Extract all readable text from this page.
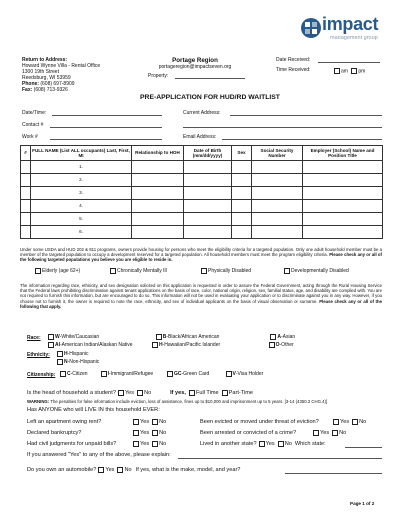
impact
management group
Return to Address:
Howard Wynne Villa - Rental Office
1300 19th Street
Reedsburg, WI 53959
Phone: (608) 697-8909
Fax: (608) 713-9326
Portage Region
portageregion@impactseven.org
Property:
Date Received:
Time Received:	am pm
PRE-APPLICATION FOR HUD/RD WAITLIST
Date/Time:	Current Address:
Contact #
Work #	Email Address:
#	FULL NAME (List ALL occupants) Last, First, MI	Relationship to HOH	Date of Birth (mm/dd/yyyy)	Sex	Social Security Number	Employer (School) Name and Position Title
	1.					
	2.					
	3.					
	4.					
	5.					
	6.					
Under some USDA and HUD 202 & 811 programs, owners provide housing for persons who meet the eligibility criteria for a targeted population. Only one adult household member must be a member of the targeted population to occupy a development reserved for a targeted population. All household members must meet the program eligibility criteria. Please check any or all of the following targeted populations you believe you are eligible to reside in.
Elderly (age 62+)	Chronically Mentally Ill	Physically Disabled	Developmentally Disabled
The information regarding race, ethnicity, and sex designation solicited on this application is requested in order to assure the Federal Government, acting through the Rural Housing Service that the Federal laws prohibiting discrimination against tenant applications on the basis of race, color, national origin, religion, sex, familial status, age, and disability are complied with. You are not required to furnish this information, but are encouraged to do so. This information will not be used in evaluating your application or to discriminate against you in any way. However, if you choose not to furnish it, the owner is required to note the race, ethnicity, and sex of individual applicants on the basis of visual observation or surname. Please check any or all of the following that apply.
Race:	W -White/Caucasian	B -Black/African American	A -Asian
AI -American Indian/Alaskan Native	H -Hawaiian/Pacific Islander	O -Other
Ethnicity:	H -Hispanic
N -Non-Hispanic
Citizenship: C -Citizen	I -Immigrant/Refugee	GC -Green Card	V -Visa Holder
Is the head of household a student? Yes No	If yes, Full Time Part-Time
WARNING: The penalties for false information include eviction, loss of assistance, fines up to $10,000 and imprisonment up to 5 years. [3-14 (4350.3 CHG.4)]
Has ANYONE who will LIVE IN this household EVER:
Left an apartment owing rent?	Yes No	Been evicted or moved under threat of eviction?	Yes No
Declared bankruptcy?	Yes No	Been arrested or convicted of a crime?	Yes No
Had civil judgments for unpaid bills?	Yes No	Lived in another state? Yes No Which state:
If you answered "Yes" to any of the above, please explain:
Do you own an automobile? Yes No If yes, what is the make, model, and year?
Page 1 of 2
